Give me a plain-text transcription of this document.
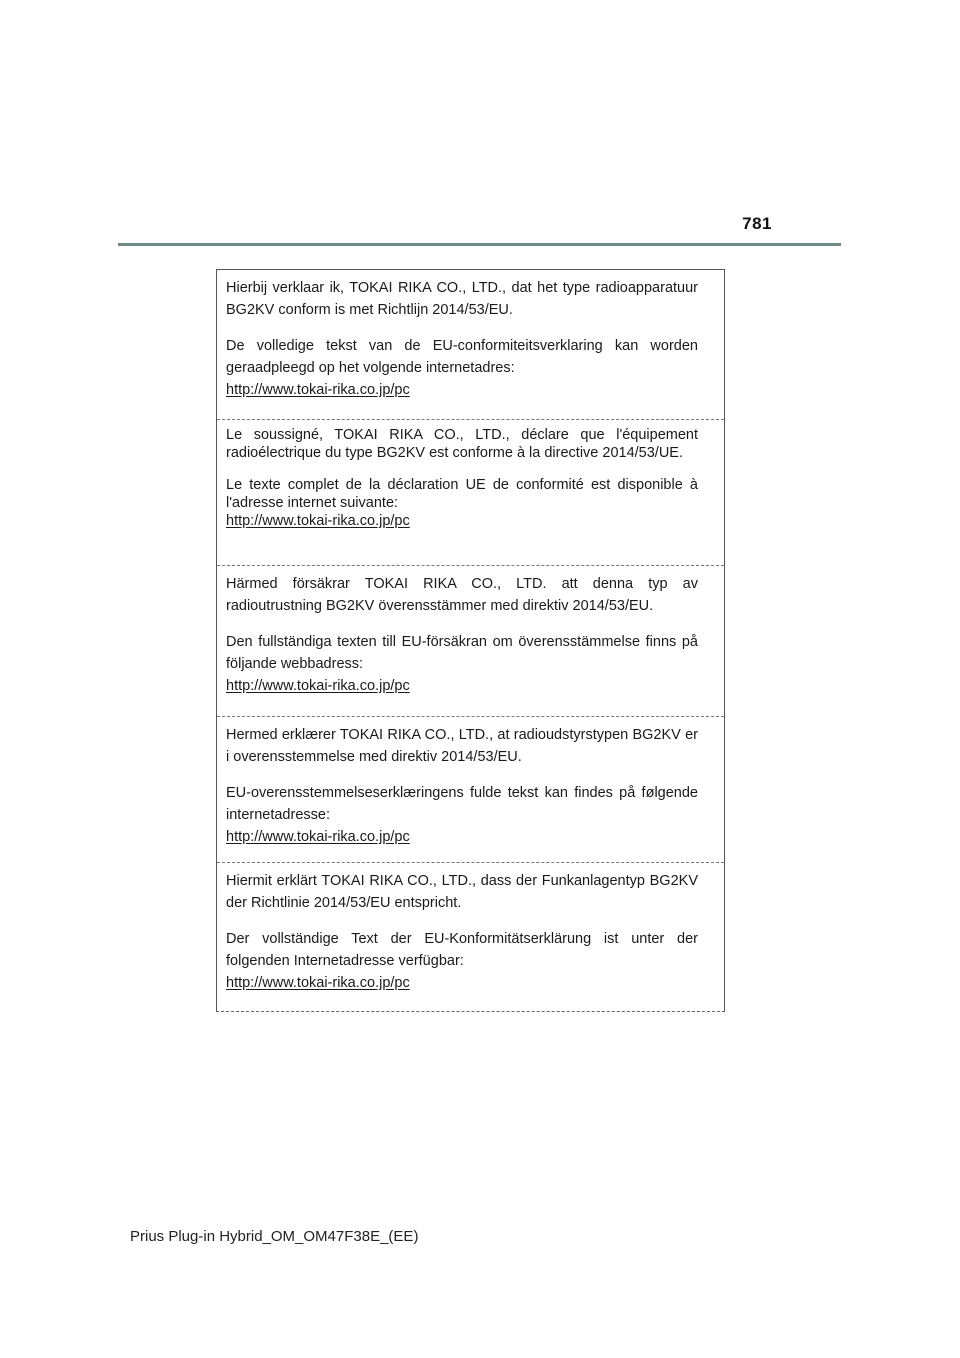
781

Hierbij verklaar ik, TOKAI RIKA CO., LTD., dat het type radioapparatuur BG2KV conform is met Richtlijn 2014/53/EU.

De volledige tekst van de EU-conformiteitsverklaring kan worden geraadpleegd op het volgende internetadres:

http://www.tokai-rika.co.jp/pc

Le soussigné, TOKAI RIKA CO., LTD., déclare que l'équipement radioélectrique du type BG2KV est conforme à la directive 2014/53/UE.

Le texte complet de la déclaration UE de conformité est disponible à l'adresse internet suivante:

http://www.tokai-rika.co.jp/pc

Härmed försäkrar TOKAI RIKA CO., LTD. att denna typ av radioutrustning BG2KV överensstämmer med direktiv 2014/53/EU.

Den fullständiga texten till EU-försäkran om överensstämmelse finns på följande webbadress:

http://www.tokai-rika.co.jp/pc

Hermed erklærer TOKAI RIKA CO., LTD., at radioudstyrstypen BG2KV er i overensstemmelse med direktiv 2014/53/EU.

EU-overensstemmelseserklæringens fulde tekst kan findes på følgende internetadresse:

http://www.tokai-rika.co.jp/pc

Hiermit erklärt TOKAI RIKA CO., LTD., dass der Funkanlagentyp BG2KV der Richtlinie 2014/53/EU entspricht.

Der vollständige Text der EU-Konformitätserklärung ist unter der folgenden Internetadresse verfügbar:

http://www.tokai-rika.co.jp/pc
Prius Plug-in Hybrid_OM_OM47F38E_(EE)
